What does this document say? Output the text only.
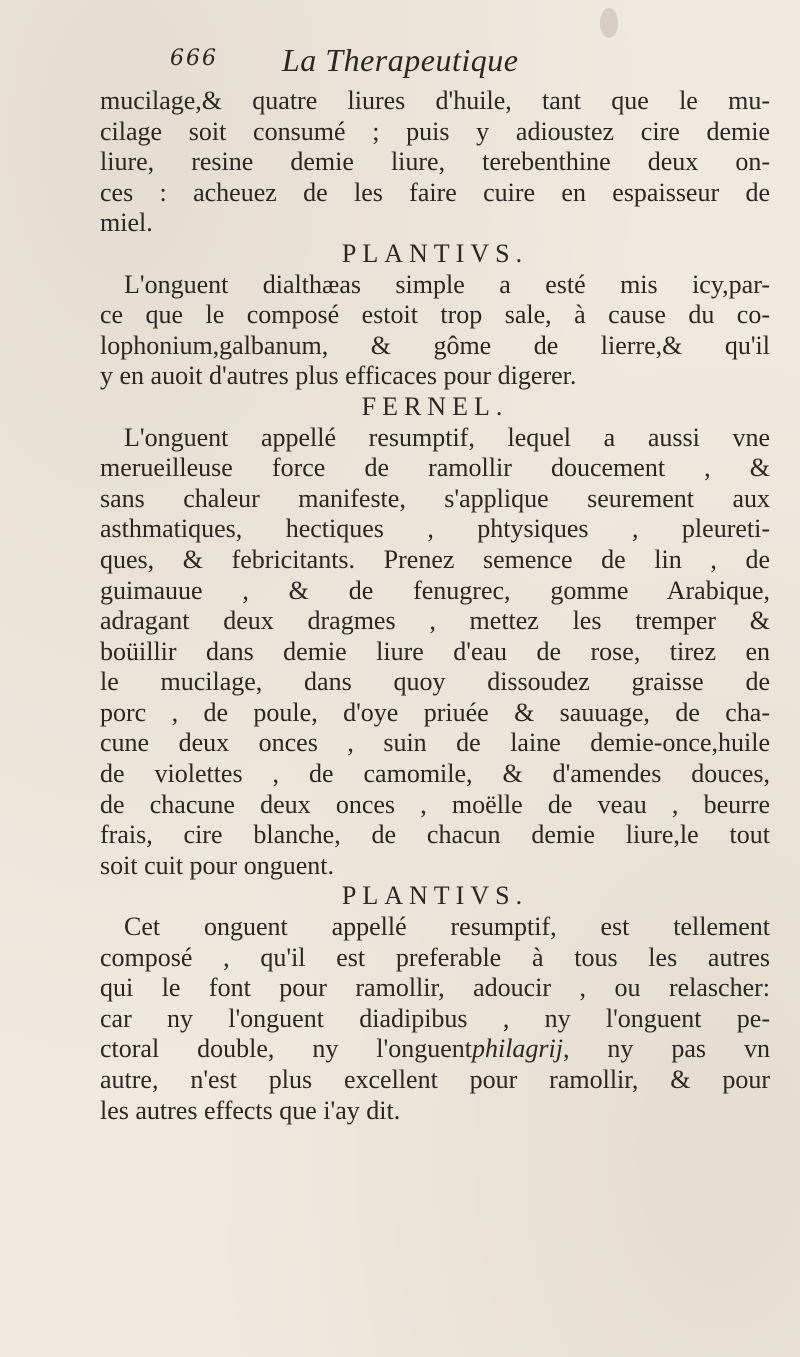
666 La Therapeutique
mucilage,& quatre liures d'huile, tant que le mu-
cilage soit consumé ; puis y adioustez cire demie
liure, resine demie liure, terebenthine deux on-
ces : acheuez de les faire cuire en espaisseur de
miel.
PLANTIVS.
L'onguent dialthæas simple a esté mis icy,par-
ce que le composé estoit trop sale, à cause du co-
lophonium,galbanum, & gôme de lierre,& qu'il
y en auoit d'autres plus efficaces pour digerer.
FERNEL.
L'onguent appellé resumptif, lequel a aussi vne
merueilleuse force de ramollir doucement , &
sans chaleur manifeste, s'applique seurement aux
asthmatiques, hectiques , phtysiques , pleureti-
ques, & febricitants. Prenez semence de lin , de
guimauue , & de fenugrec, gomme Arabique,
adragant deux dragmes , mettez les tremper &
boüillir dans demie liure d'eau de rose, tirez en
le mucilage, dans quoy dissoudez graisse de
porc , de poule, d'oye priuée & sauuage, de cha-
cune deux onces , suin de laine demie-once,huile
de violettes , de camomile, & d'amendes douces,
de chacune deux onces , moëlle de veau , beurre
frais, cire blanche, de chacun demie liure,le tout
soit cuit pour onguent.
PLANTIVS.
Cet onguent appellé resumptif, est tellement
composé , qu'il est preferable à tous les autres
qui le font pour ramollir, adoucir , ou relascher:
car ny l'onguent diadipibus , ny l'onguent pe-
ctoral double, ny l'onguentphilagrij, ny pas vn
autre, n'est plus excellent pour ramollir, & pour
les autres effects que i'ay dit.
